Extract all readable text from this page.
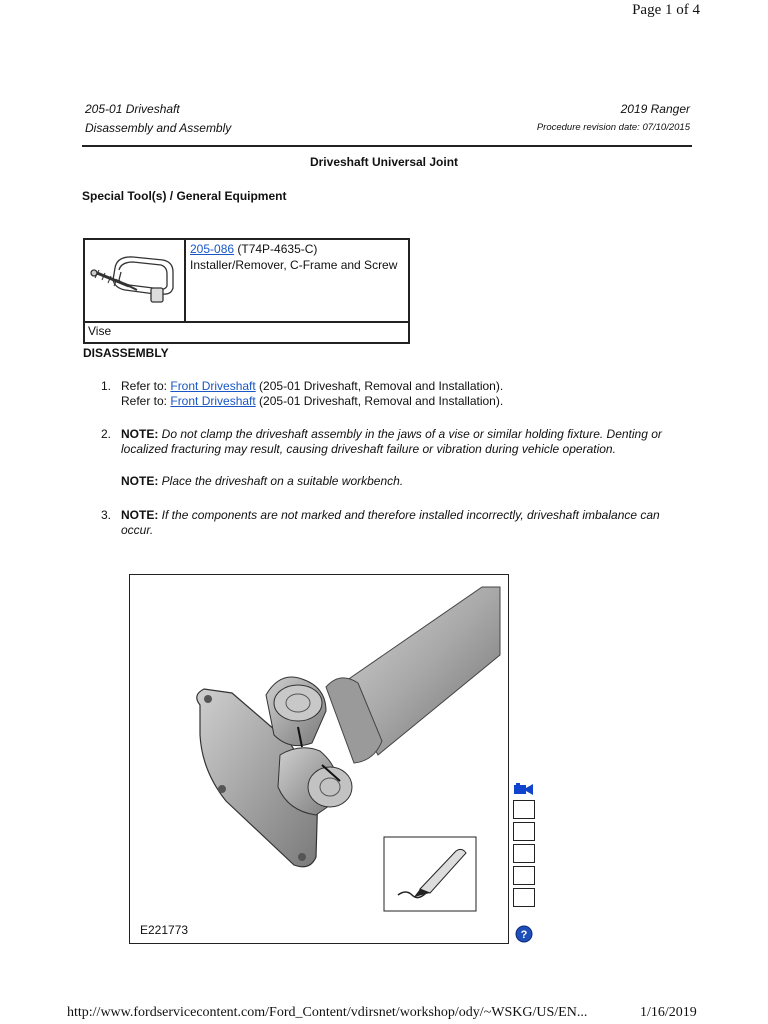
Page 1 of 4
205-01 Driveshaft
Disassembly and Assembly
2019 Ranger
Procedure revision date: 07/10/2015
Driveshaft Universal Joint
Special Tool(s) / General Equipment
205-086 (T74P-4635-C)
Installer/Remover, C-Frame and Screw
Vise
DISASSEMBLY
1. Refer to: Front Driveshaft (205-01 Driveshaft, Removal and Installation).
Refer to: Front Driveshaft (205-01 Driveshaft, Removal and Installation).
2. NOTE: Do not clamp the driveshaft assembly in the jaws of a vise or similar holding fixture. Denting or localized fracturing may result, causing driveshaft failure or vibration during vehicle operation.
NOTE: Place the driveshaft on a suitable workbench.
3. NOTE: If the components are not marked and therefore installed incorrectly, driveshaft imbalance can occur.
E221773	?
http://www.fordservicecontent.com/Ford_Content/vdirsnet/workshop/ody/~WSKG/US/EN...	1/16/2019
